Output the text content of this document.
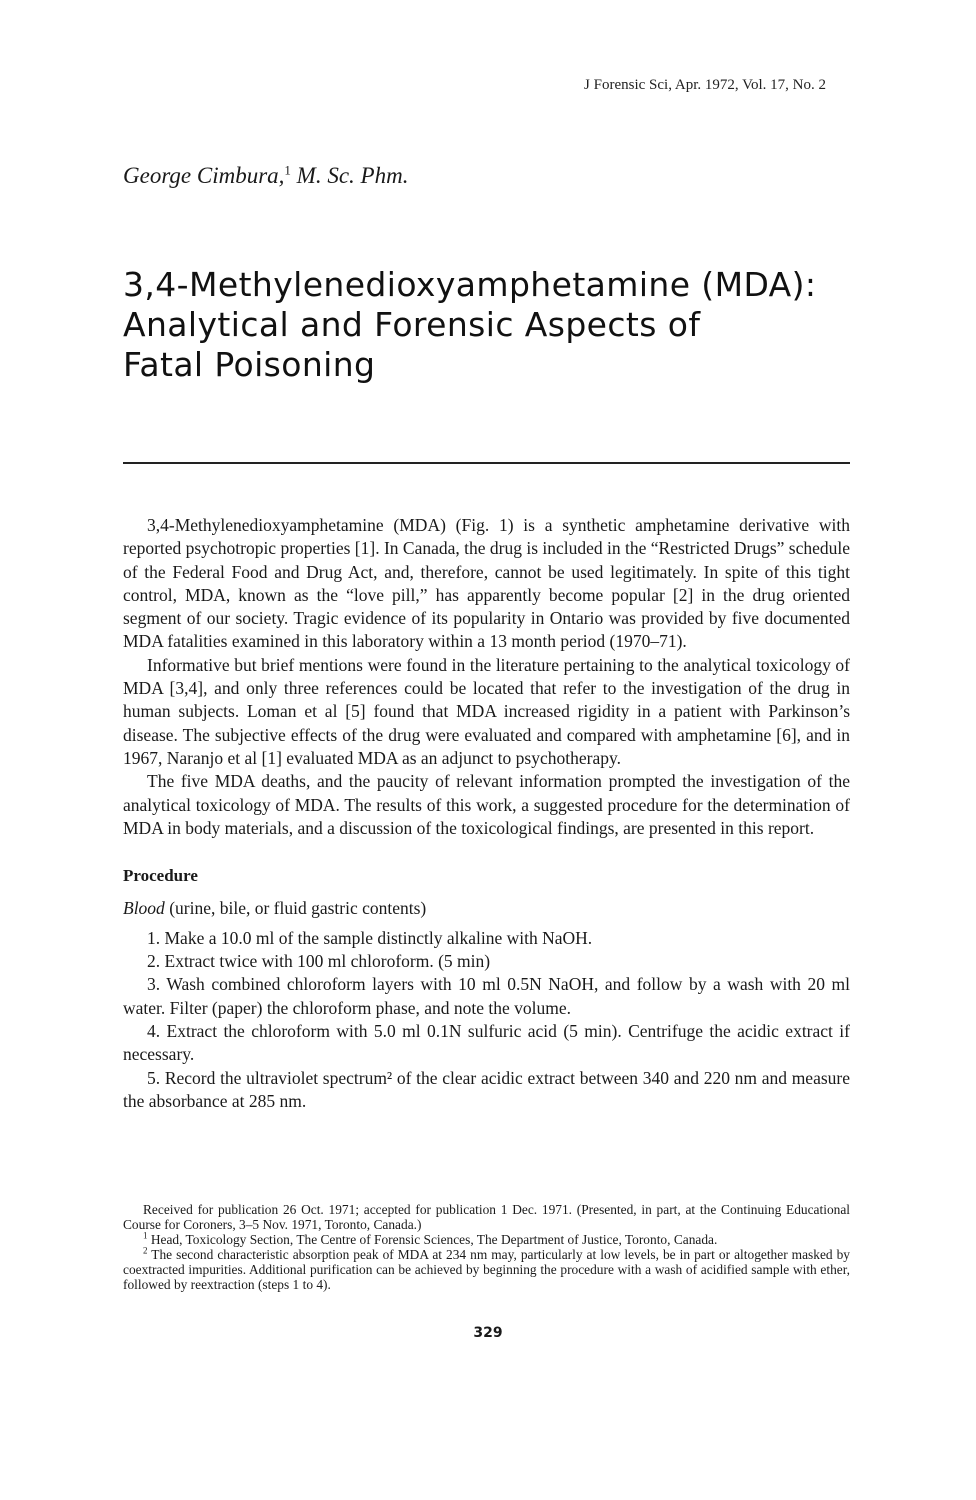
J Forensic Sci, Apr. 1972, Vol. 17, No. 2
George Cimbura,$^1$ M. Sc. Phm.
3,4-Methylenedioxyamphetamine (MDA):
Analytical and Forensic Aspects of
Fatal Poisoning

3,4-Methylenedioxyamphetamine (MDA) (Fig. 1) is a synthetic amphetamine derivative with reported psychotropic properties [1]. In Canada, the drug is included in the “Restricted Drugs” schedule of the Federal Food and Drug Act, and, therefore, cannot be used legitimately. In spite of this tight control, MDA, known as the “love pill,” has apparently become popular [2] in the drug oriented segment of our society. Tragic evidence of its popularity in Ontario was provided by five documented MDA fatalities examined in this laboratory within a 13 month period (1970–71).

Informative but brief mentions were found in the literature pertaining to the analytical toxicology of MDA [3,4], and only three references could be located that refer to the investigation of the drug in human subjects. Loman et al [5] found that MDA increased rigidity in a patient with Parkinson’s disease. The subjective effects of the drug were evaluated and compared with amphetamine [6], and in 1967, Naranjo et al [1] evaluated MDA as an adjunct to psychotherapy.

The five MDA deaths, and the paucity of relevant information prompted the investigation of the analytical toxicology of MDA. The results of this work, a suggested procedure for the determination of MDA in body materials, and a discussion of the toxicological findings, are presented in this report.

Procedure

Blood (urine, bile, or fluid gastric contents)

1. Make a 10.0 ml of the sample distinctly alkaline with NaOH.

2. Extract twice with 100 ml chloroform. (5 min)

3. Wash combined chloroform layers with 10 ml 0.5N NaOH, and follow by a wash with 20 ml water. Filter (paper) the chloroform phase, and note the volume.

4. Extract the chloroform with 5.0 ml 0.1N sulfuric acid (5 min). Centrifuge the acidic extract if necessary.

5. Record the ultraviolet spectrum² of the clear acidic extract between 340 and 220 nm and measure the absorbance at 285 nm.

Received for publication 26 Oct. 1971; accepted for publication 1 Dec. 1971. (Presented, in part, at the Continuing Educational Course for Coroners, 3–5 Nov. 1971, Toronto, Canada.)

$^1$ Head, Toxicology Section, The Centre of Forensic Sciences, The Department of Justice, Toronto, Canada.

$^2$ The second characteristic absorption peak of MDA at 234 nm may, particularly at low levels, be in part or altogether masked by coextracted impurities. Additional purification can be achieved by beginning the procedure with a wash of acidified sample with ether, followed by reextraction (steps 1 to 4).

329
